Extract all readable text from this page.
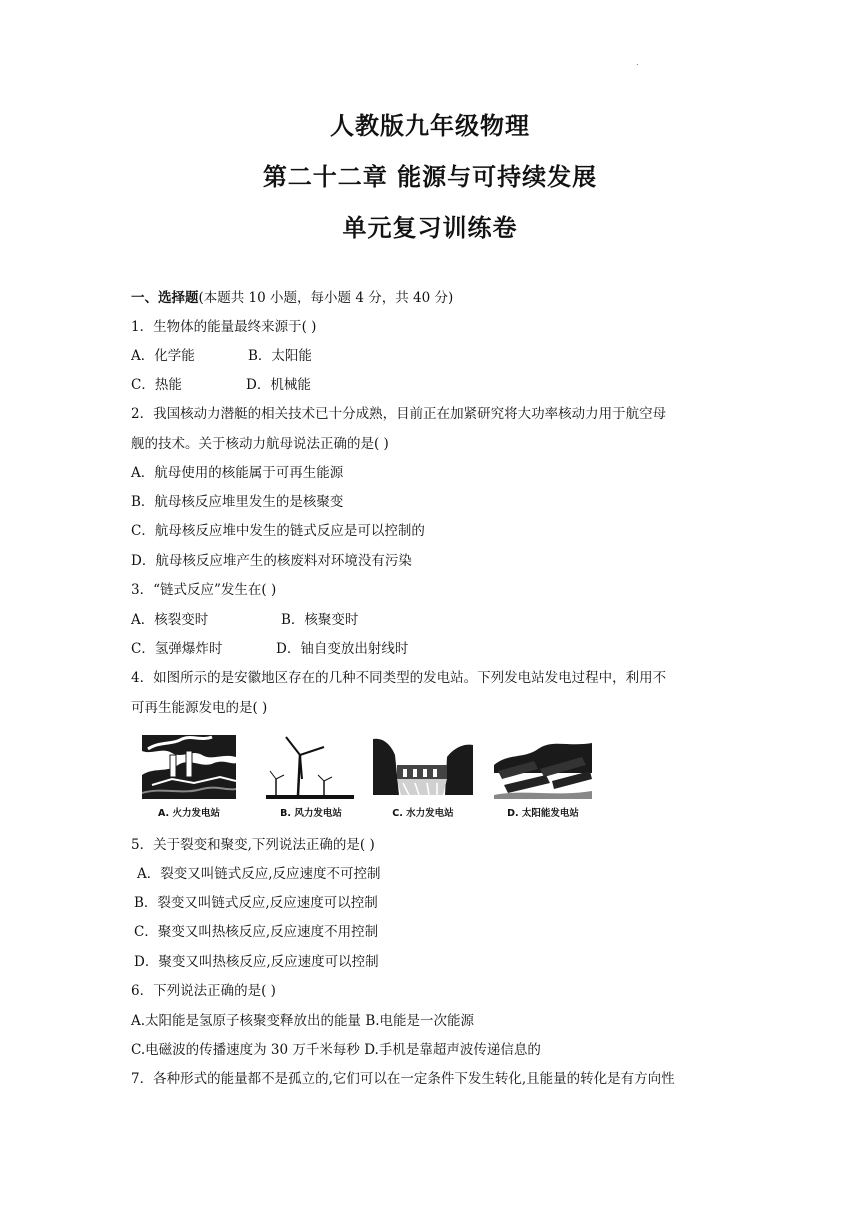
.
人教版九年级物理
第二十二章 能源与可持续发展
单元复习训练卷
一、选择题(本题共 10 小题，每小题 4 分，共 40 分)
1．生物体的能量最终来源于( )
A．化学能	B．太阳能
C．热能	D．机械能
2．我国核动力潜艇的相关技术已十分成熟，目前正在加紧研究将大功率核动力用于航空母
舰的技术。关于核动力航母说法正确的是( )
A．航母使用的核能属于可再生能源
B．航母核反应堆里发生的是核聚变
C．航母核反应堆中发生的链式反应是可以控制的
D．航母核反应堆产生的核废料对环境没有污染
3．“链式反应”发生在( )
A．核裂变时	B．核聚变时
C．氢弹爆炸时	D．铀自变放出射线时
4．如图所示的是安徽地区存在的几种不同类型的发电站。下列发电站发电过程中，利用不
可再生能源发电的是( )
A. 火力发电站	B. 风力发电站	C. 水力发电站	D. 太阳能发电站
5．关于裂变和聚变,下列说法正确的是( )
A．裂变又叫链式反应,反应速度不可控制
B．裂变又叫链式反应,反应速度可以控制
C．聚变又叫热核反应,反应速度不用控制
D．聚变又叫热核反应,反应速度可以控制
6．下列说法正确的是( )
A.太阳能是氢原子核聚变释放出的能量 B.电能是一次能源
C.电磁波的传播速度为 30 万千米每秒 D.手机是靠超声波传递信息的
7．各种形式的能量都不是孤立的,它们可以在一定条件下发生转化,且能量的转化是有方向性
